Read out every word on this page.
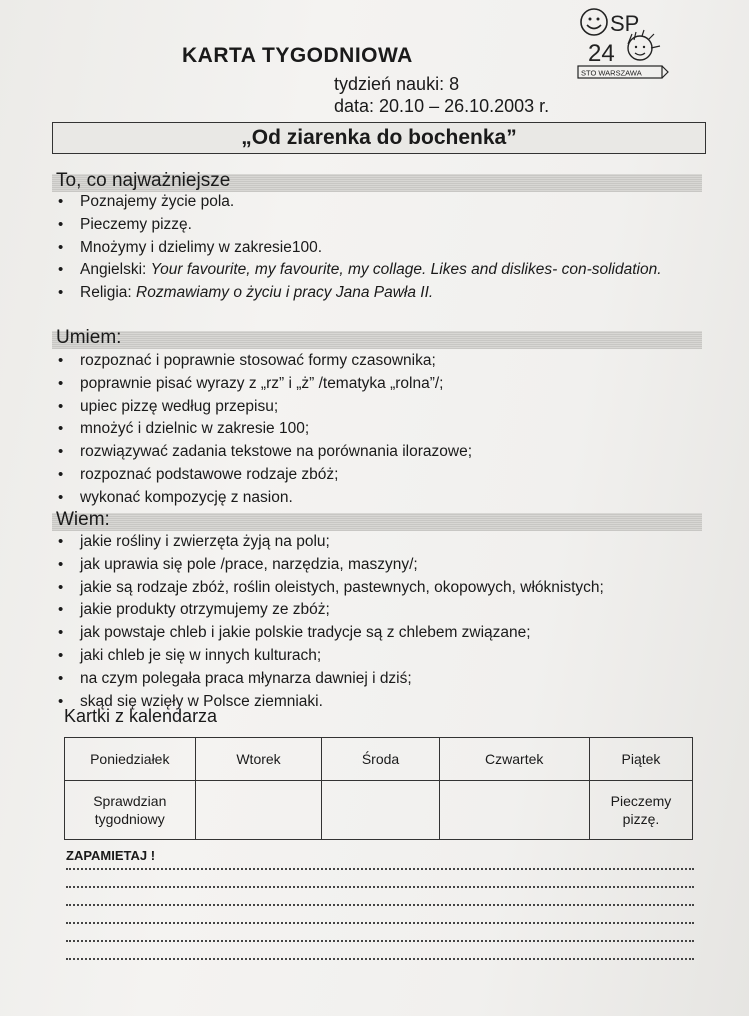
KARTA TYGODNIOWA
tydzień nauki: 8
data: 20.10 – 26.10.2003 r.
SP
24
STO WARSZAWA
„Od ziarenka do bochenka”
To, co najważniejsze
• Poznajemy życie pola.
• Pieczemy pizzę.
• Mnożymy i dzielimy w zakresie100.
• Angielski: Your favourite, my favourite, my collage. Likes and dislikes- con-solidation.
• Religia: Rozmawiamy o życiu i pracy Jana Pawła II.
Umiem:
• rozpoznać i poprawnie stosować formy czasownika;
• poprawnie pisać wyrazy z „rz” i „ż” /tematyka „rolna”/;
• upiec pizzę według przepisu;
• mnożyć i dzielnic w zakresie 100;
• rozwiązywać zadania tekstowe na porównania ilorazowe;
• rozpoznać podstawowe rodzaje zbóż;
• wykonać kompozycję z nasion.
Wiem:
• jakie rośliny i zwierzęta żyją na polu;
• jak uprawia się pole /prace, narzędzia, maszyny/;
• jakie są rodzaje zbóż, roślin oleistych, pastewnych, okopowych, włóknistych;
• jakie produkty otrzymujemy ze zbóż;
• jak powstaje chleb i jakie polskie tradycje są z chlebem związane;
• jaki chleb je się w innych kulturach;
• na czym polegała praca młynarza dawniej i dziś;
• skąd się wzięły w Polsce ziemniaki.
Kartki z kalendarza
Poniedziałek	Wtorek	Środa	Czwartek	Piątek
Sprawdzian tygodniowy				Pieczemy pizzę.
ZAPAMIETAJ !
